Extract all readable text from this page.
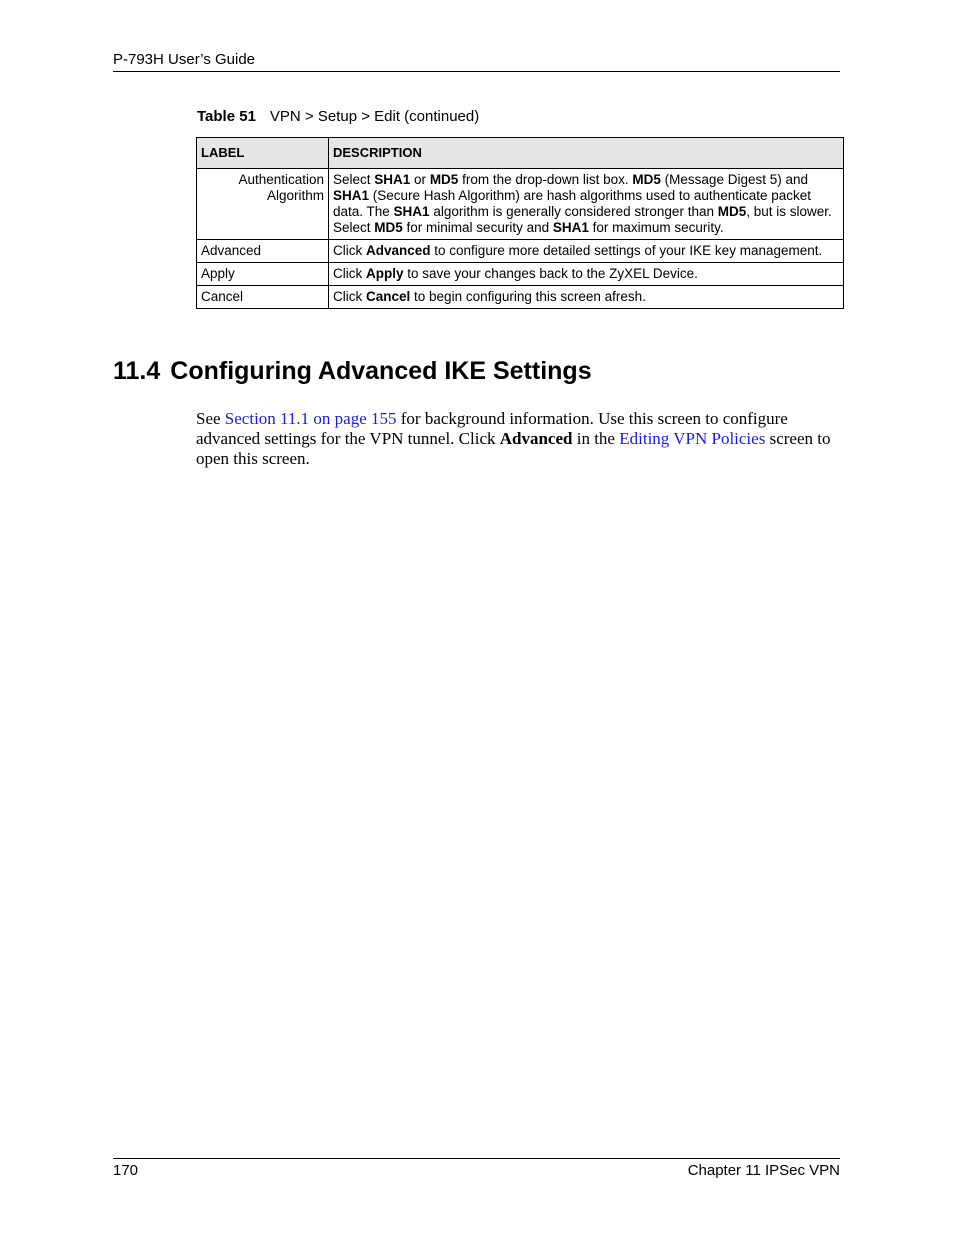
P-793H User’s Guide
Table 51 VPN > Setup > Edit (continued)
LABEL	DESCRIPTION
Authentication Algorithm	Select SHA1 or MD5 from the drop-down list box. MD5 (Message Digest 5) and SHA1 (Secure Hash Algorithm) are hash algorithms used to authenticate packet data. The SHA1 algorithm is generally considered stronger than MD5, but is slower. Select MD5 for minimal security and SHA1 for maximum security.
Advanced	Click Advanced to configure more detailed settings of your IKE key management.
Apply	Click Apply to save your changes back to the ZyXEL Device.
Cancel	Click Cancel to begin configuring this screen afresh.
11.4 Configuring Advanced IKE Settings
See Section 11.1 on page 155 for background information. Use this screen to configure advanced settings for the VPN tunnel. Click Advanced in the Editing VPN Policies screen to open this screen.
170	Chapter 11 IPSec VPN
